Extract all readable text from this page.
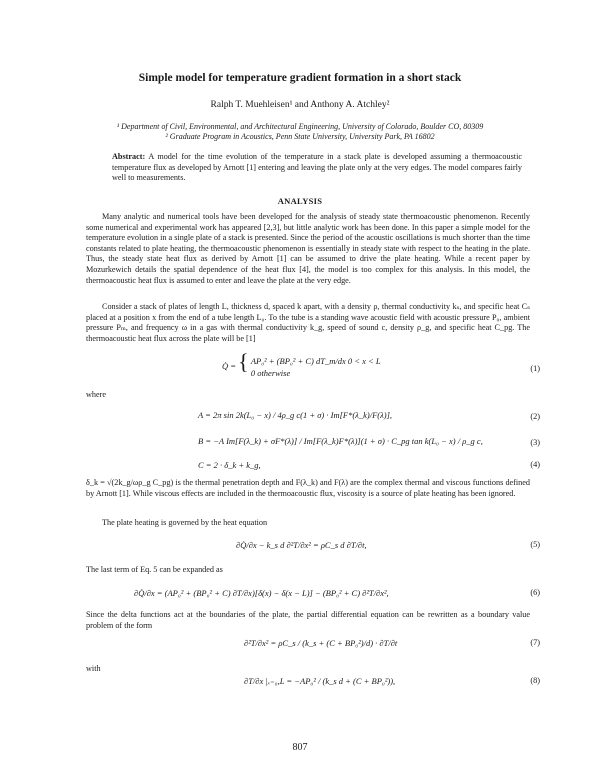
Simple model for temperature gradient formation in a short stack
Ralph T. Muehleisen¹ and Anthony A. Atchley²
¹ Department of Civil, Environmental, and Architectural Engineering, University of Colorado, Boulder CO, 80309
² Graduate Program in Acoustics, Penn State University, University Park, PA 16802
Abstract: A model for the time evolution of the temperature in a stack plate is developed assuming a thermoacoustic temperature flux as developed by Arnott [1] entering and leaving the plate only at the very edges. The model compares fairly well to measurements.
ANALYSIS
Many analytic and numerical tools have been developed for the analysis of steady state thermoacoustic phenomenon. Recently some numerical and experimental work has appeared [2,3], but little analytic work has been done. In this paper a simple model for the temperature evolution in a single plate of a stack is presented. Since the period of the acoustic oscillations is much shorter than the time constants related to plate heating, the thermoacoustic phenomenon is essentially in steady state with respect to the heating in the plate. Thus, the steady state heat flux as derived by Arnott [1] can be assumed to drive the plate heating. While a recent paper by Mozurkewich details the spatial dependence of the heat flux [4], the model is too complex for this analysis. In this model, the thermoacoustic heat flux is assumed to enter and leave the plate at the very edge.
Consider a stack of plates of length L, thickness d, spaced k apart, with a density ρ, thermal conductivity kₛ, and specific heat Cₛ placed at a position x from the end of a tube length L₀. To the tube is a standing wave acoustic field with acoustic pressure P₀, ambient pressure Pₘ, and frequency ω in a gas with thermal conductivity k_g, speed of sound c, density ρ_g, and specific heat C_pg. The thermoacoustic heat flux across the plate will be [1]
Q̇ = { AP₀² + (BP₀² + C) dT_m/dx 0 < x < L
0 otherwise	(1)
where
A = 2π sin 2k(L₀ − x) / 4ρ_g c(1 + σ) · Im[F*(λ_k)/F(λ)],	(2)
B = −A Im[F(λ_k) + σF*(λ)] / Im[F(λ_k)F*(λ)](1 + σ) · C_pg tan k(L₀ − x) / ρ_g c,	(3)
C = 2 · δ_k + k_g,	(4)
δ_k = √(2k_g/ωρ_g C_pg) is the thermal penetration depth and F(λ_k) and F(λ) are the complex thermal and viscous functions defined by Arnott [1]. While viscous effects are included in the thermoacoustic flux, viscosity is a source of plate heating has been ignored.
The plate heating is governed by the heat equation
∂Q̇/∂x − k_s d ∂²T/∂x² = ρC_s d ∂T/∂t,	(5)
The last term of Eq. 5 can be expanded as
∂Q̇/∂x = (AP₀² + (BP₀² + C) ∂T/∂x)[δ(x) − δ(x − L)] − (BP₀² + C) ∂²T/∂x²,	(6)
Since the delta functions act at the boundaries of the plate, the partial differential equation can be rewritten as a boundary value problem of the form
∂²T/∂x² = ρC_s / (k_s + (C + BP₀²)/d) · ∂T/∂t	(7)
with
∂T/∂x |ₓ₌₀,L = −AP₀² / (k_s d + (C + BP₀²)),	(8)
807
